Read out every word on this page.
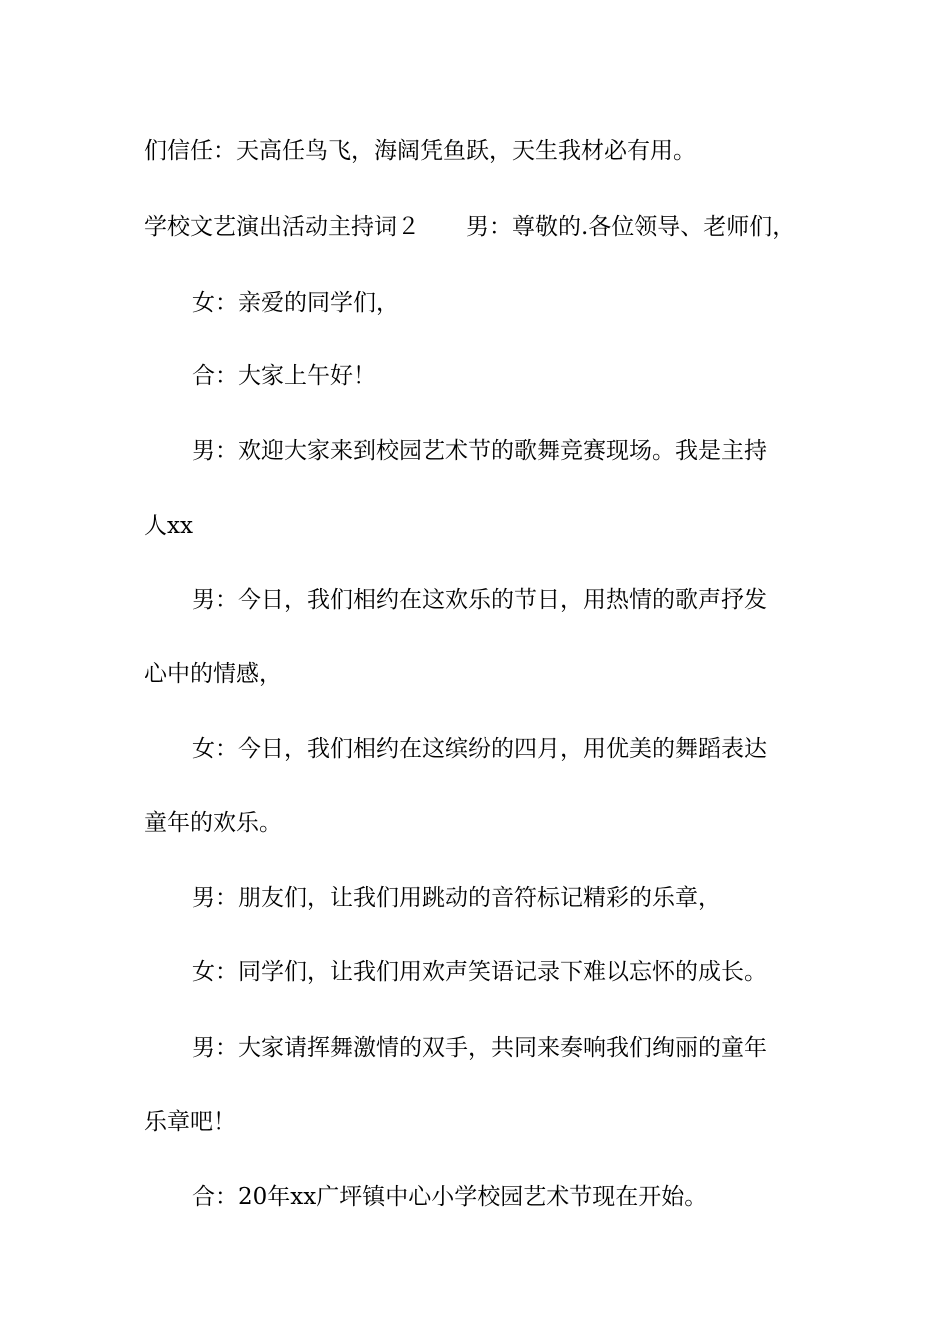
们信任：天高任鸟飞，海阔凭鱼跃，天生我材必有用。
学校文艺演出活动主持词２ 男：尊敬的.各位领导、老师们，
女：亲爱的同学们，
合：大家上午好！
男：欢迎大家来到校园艺术节的歌舞竞赛现场。我是主持
人xx
男：今日，我们相约在这欢乐的节日，用热情的歌声抒发
心中的情感，
女：今日，我们相约在这缤纷的四月，用优美的舞蹈表达
童年的欢乐。
男：朋友们，让我们用跳动的音符标记精彩的乐章，
女：同学们，让我们用欢声笑语记录下难以忘怀的成长。
男：大家请挥舞激情的双手，共同来奏响我们绚丽的童年
乐章吧！
合：20年xx广坪镇中心小学校园艺术节现在开始。
